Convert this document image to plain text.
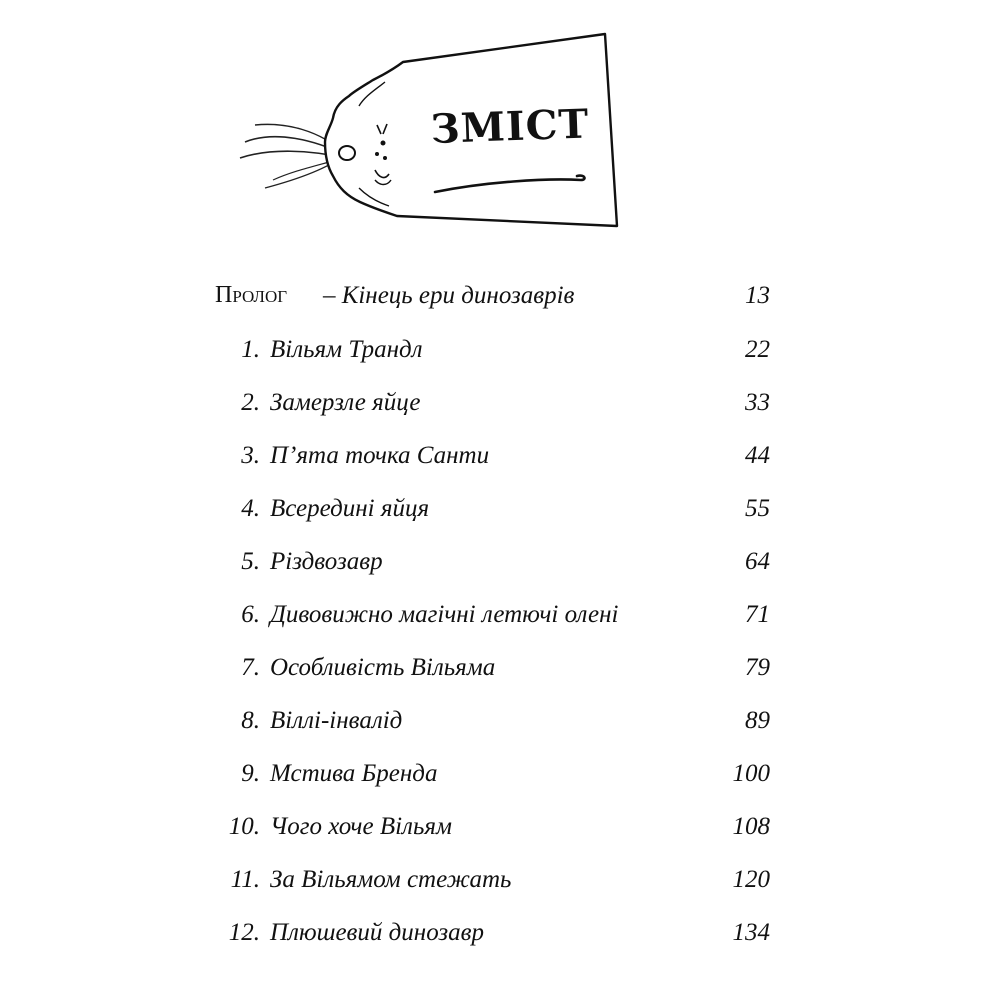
ЗМІСТ
Пролог – Кінець ери динозаврів	13
1. Вільям Трандл	22
2. Замерзле яйце	33
3. П’ята точка Санти	44
4. Всередині яйця	55
5. Різдвозавр	64
6. Дивовижно магічні летючі олені	71
7. Особливість Вільяма	79
8. Віллі-інвалід	89
9. Мстива Бренда	100
10. Чого хоче Вільям	108
11. За Вільямом стежать	120
12. Плюшевий динозавр	134
